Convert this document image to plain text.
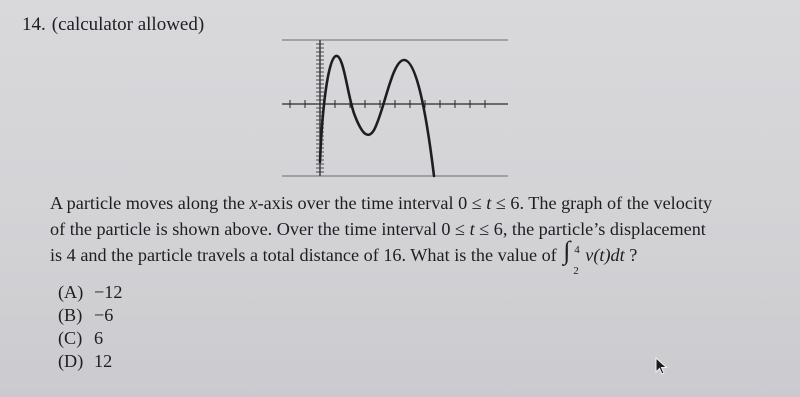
14. (calculator allowed)
A particle moves along the x-axis over the time interval 0 ≤ t ≤ 6. The graph of the velocity
of the particle is shown above. Over the time interval 0 ≤ t ≤ 6, the particle’s displacement
is 4 and the particle travels a total distance of 16. What is the value of ∫ 4
2
v(t)dt ?
(A) −12
(B) −6
(C) 6
(D) 12
